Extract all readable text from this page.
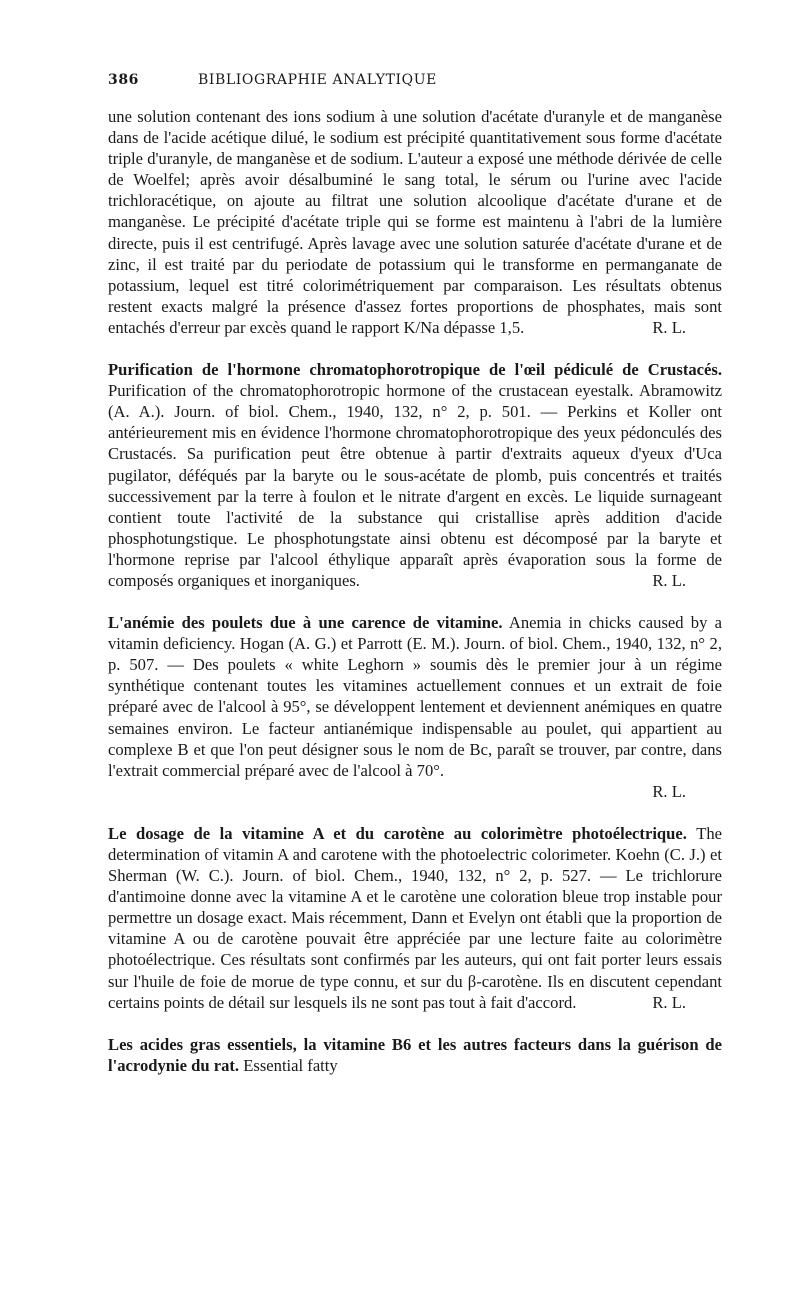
386	BIBLIOGRAPHIE ANALYTIQUE

une solution contenant des ions sodium à une solution d'acétate d'uranyle et de manganèse dans de l'acide acétique dilué, le sodium est précipité quantitativement sous forme d'acétate triple d'uranyle, de manganèse et de sodium. L'auteur a exposé une méthode dérivée de celle de Woelfel; après avoir désalbuminé le sang total, le sérum ou l'urine avec l'acide trichloracétique, on ajoute au filtrat une solution alcoolique d'acétate d'urane et de manganèse. Le précipité d'acétate triple qui se forme est maintenu à l'abri de la lumière directe, puis il est centrifugé. Après lavage avec une solution saturée d'acétate d'urane et de zinc, il est traité par du periodate de potassium qui le transforme en permanganate de potassium, lequel est titré colorimétriquement par comparaison. Les résultats obtenus restent exacts malgré la présence d'assez fortes proportions de phosphates, mais sont entachés d'erreur par excès quand le rapport K/Na dépasse 1,5.	R. L.

Purification de l'hormone chromatophorotropique de l'œil pédiculé de Crustacés. Purification of the chromatophorotropic hormone of the crustacean eyestalk. Abramowitz (A. A.). Journ. of biol. Chem., 1940, 132, n° 2, p. 501. — Perkins et Koller ont antérieurement mis en évidence l'hormone chromatophorotropique des yeux pédonculés des Crustacés. Sa purification peut être obtenue à partir d'extraits aqueux d'yeux d'Uca pugilator, déféqués par la baryte ou le sous-acétate de plomb, puis concentrés et traités successivement par la terre à foulon et le nitrate d'argent en excès. Le liquide surnageant contient toute l'activité de la substance qui cristallise après addition d'acide phosphotungstique. Le phosphotungstate ainsi obtenu est décomposé par la baryte et l'hormone reprise par l'alcool éthylique apparaît après évaporation sous la forme de composés organiques et inorganiques.	R. L.

L'anémie des poulets due à une carence de vitamine. Anemia in chicks caused by a vitamin deficiency. Hogan (A. G.) et Parrott (E. M.). Journ. of biol. Chem., 1940, 132, n° 2, p. 507. — Des poulets « white Leghorn » soumis dès le premier jour à un régime synthétique contenant toutes les vitamines actuellement connues et un extrait de foie préparé avec de l'alcool à 95°, se développent lentement et deviennent anémiques en quatre semaines environ. Le facteur antianémique indispensable au poulet, qui appartient au complexe B et que l'on peut désigner sous le nom de Bc, paraît se trouver, par contre, dans l'extrait commercial préparé avec de l'alcool à 70°.
R. L.

Le dosage de la vitamine A et du carotène au colorimètre photoélectrique. The determination of vitamin A and carotene with the photoelectric colorimeter. Koehn (C. J.) et Sherman (W. C.). Journ. of biol. Chem., 1940, 132, n° 2, p. 527. — Le trichlorure d'antimoine donne avec la vitamine A et le carotène une coloration bleue trop instable pour permettre un dosage exact. Mais récemment, Dann et Evelyn ont établi que la proportion de vitamine A ou de carotène pouvait être appréciée par une lecture faite au colorimètre photoélectrique. Ces résultats sont confirmés par les auteurs, qui ont fait porter leurs essais sur l'huile de foie de morue de type connu, et sur du β-carotène. Ils en discutent cependant certains points de détail sur lesquels ils ne sont pas tout à fait d'accord.	R. L.

Les acides gras essentiels, la vitamine B6 et les autres facteurs dans la guérison de l'acrodynie du rat. Essential fatty
